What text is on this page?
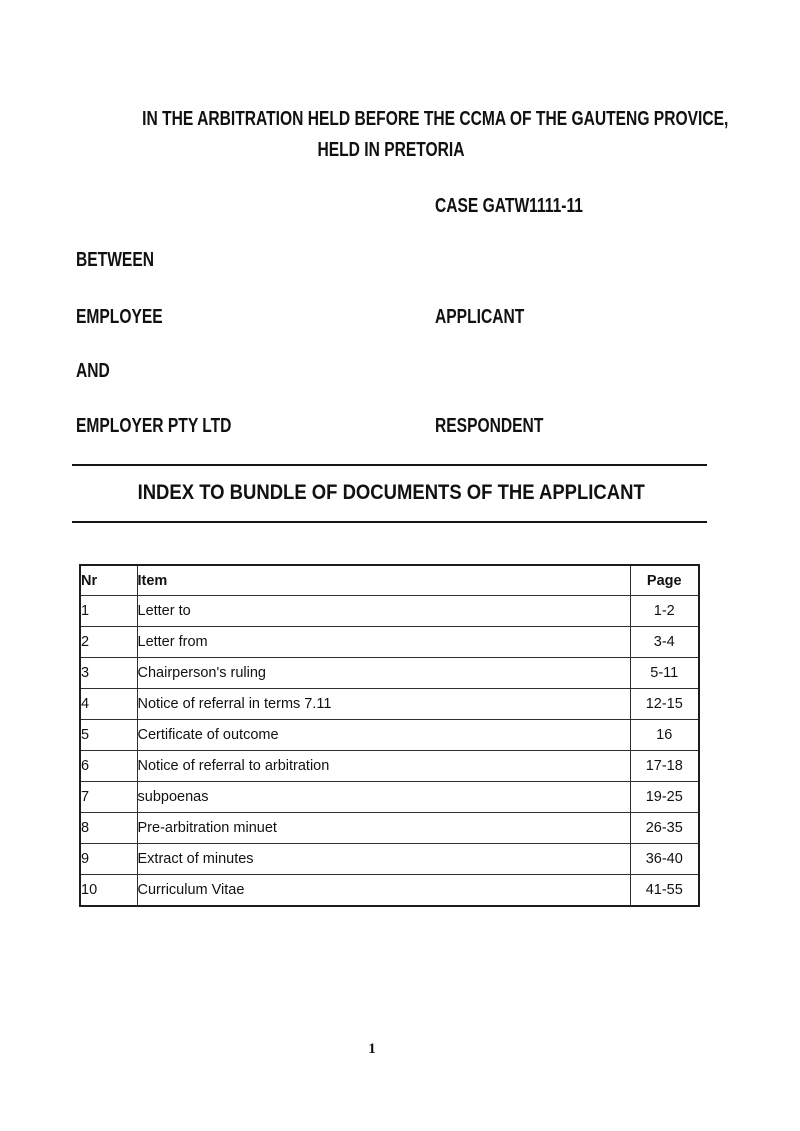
IN THE ARBITRATION HELD BEFORE THE CCMA OF THE GAUTENG PROVICE,
HELD IN PRETORIA
CASE GATW1111-11
BETWEEN
EMPLOYEE	APPLICANT
AND
EMPLOYER PTY LTD	RESPONDENT
INDEX TO BUNDLE OF DOCUMENTS OF THE APPLICANT
Nr	Item	Page
1	Letter to	1-2
2	Letter from	3-4
3	Chairperson's ruling	5-11
4	Notice of referral in terms 7.11	12-15
5	Certificate of outcome	16
6	Notice of referral to arbitration	17-18
7	subpoenas	19-25
8	Pre-arbitration minuet	26-35
9	Extract of minutes	36-40
10	Curriculum Vitae	41-55
1
